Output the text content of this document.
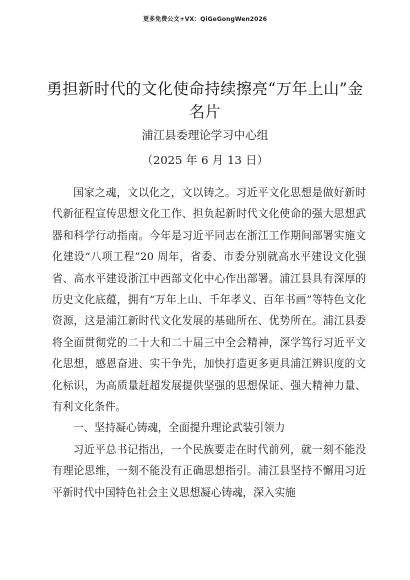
更多免费公文+VX：QiGeGongWen2026
勇担新时代的文化使命持续擦亮“万年上山”金名片
浦江县委理论学习中心组
（2025 年 6 月 13 日）

国家之魂，文以化之，文以铸之。习近平文化思想是做好新时代新征程宣传思想文化工作、担负起新时代文化使命的强大思想武器和科学行动指南。今年是习近平同志在浙江工作期间部署实施文化建设“八项工程”20 周年，省委、市委分别就高水平建设文化强省、高水平建设浙江中西部文化中心作出部署。浦江县具有深厚的历史文化底蕴，拥有“万年上山、千年孝义、百年书画”等特色文化资源，这是浦江新时代文化发展的基础所在、优势所在。浦江县委将全面贯彻党的二十大和二十届三中全会精神，深学笃行习近平文化思想，感恩奋进、实干争先，加快打造更多更具浦江辨识度的文化标识，为高质量赶超发展提供坚强的思想保证、强大精神力量、有利文化条件。

一、坚持凝心铸魂，全面提升理论武装引领力

习近平总书记指出，一个民族要走在时代前列，就一刻不能没有理论思维，一刻不能没有正确思想指引。浦江县坚持不懈用习近平新时代中国特色社会主义思想凝心铸魂，深入实施
